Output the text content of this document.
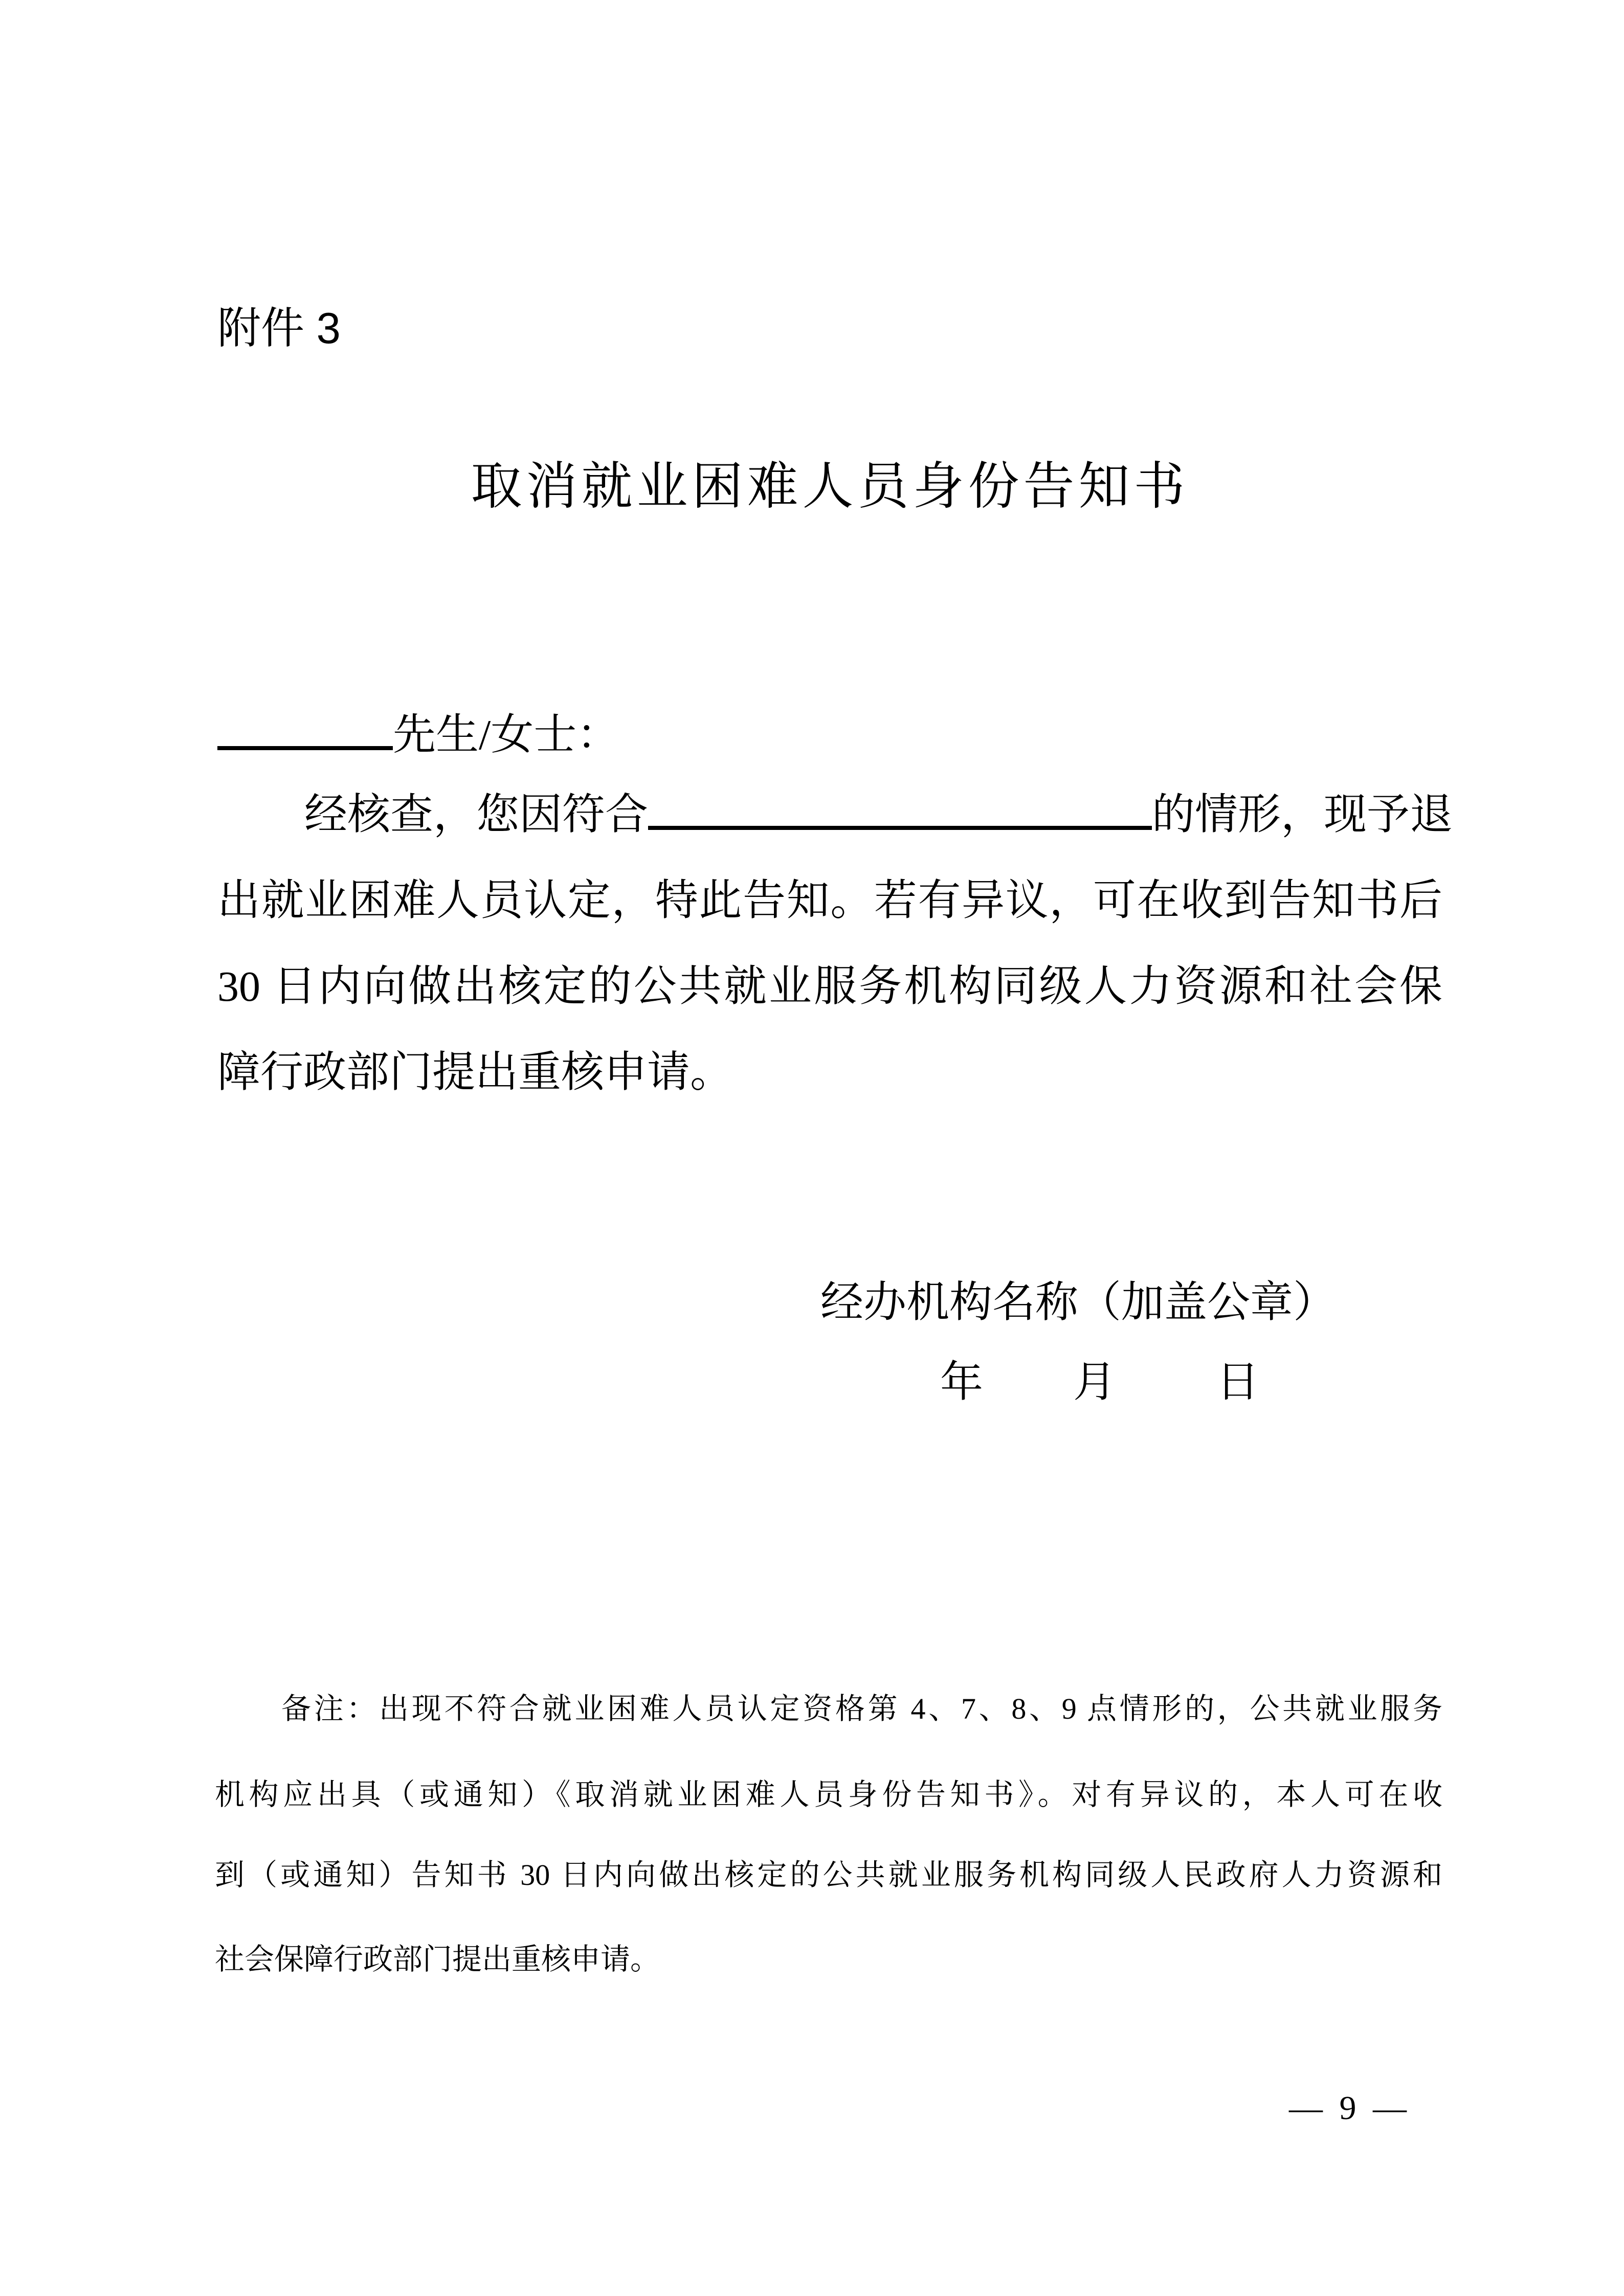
附件 3
取消就业困难人员身份告知书
先生/女士：
经核查，您因符合	的情形，现予退
出就业困难人员认定，特此告知。若有异议，可在收到告知书后
30 日内向做出核定的公共就业服务机构同级人力资源和社会保
障行政部门提出重核申请。
经办机构名称（加盖公章）
年 月 日
备注：出现不符合就业困难人员认定资格第 4、7、8、9 点情形的，公共就业服务
机构应出具（或通知）《取消就业困难人员身份告知书》。对有异议的，本人可在收
到（或通知）告知书 30 日内向做出核定的公共就业服务机构同级人民政府人力资源和
社会保障行政部门提出重核申请。
— 9 —
